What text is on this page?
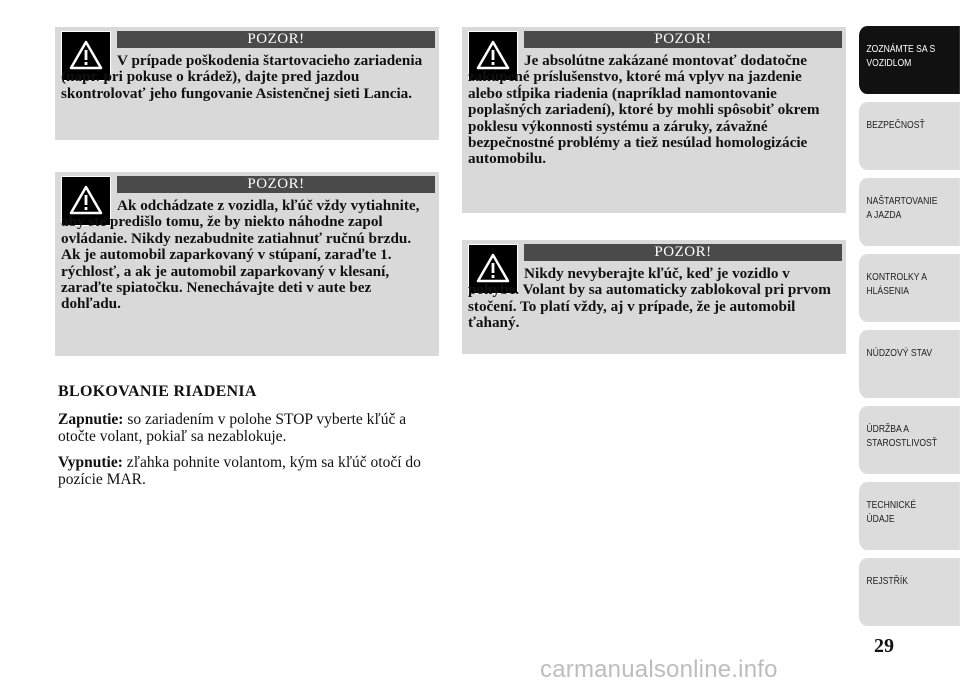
POZOR!

V prípade poškodenia štartovacieho zariadenia (napr. pri pokuse o krádež), dajte pred jazdou skontrolovať jeho fungovanie Asistenčnej sieti Lancia.

POZOR!

Ak odchádzate z vozidla, kľúč vždy vytiahnite, aby ste predišlo tomu, že by niekto náhodne zapol ovládanie. Nikdy nezabudnite zatiahnuť ručnú brzdu. Ak je automobil zaparkovaný v stúpaní, zaraďte 1. rýchlosť, a ak je automobil zaparkovaný v klesaní, zaraďte spiatočku. Nenechávajte deti v aute bez dohľadu.

POZOR!

Je absolútne zakázané montovať dodatočne zakúpené príslušenstvo, ktoré má vplyv na jazdenie alebo stĺpika riadenia (napríklad namontovanie poplašných zariadení), ktoré by mohli spôsobiť okrem poklesu výkonnosti systému a záruky, závažné bezpečnostné problémy a tiež nesúlad homologizácie automobilu.

POZOR!

Nikdy nevyberajte kľúč, keď je vozidlo v pohybe. Volant by sa automaticky zablokoval pri prvom stočení. To platí vždy, aj v prípade, že je automobil ťahaný.

BLOKOVANIE RIADENIA

Zapnutie: so zariadením v polohe STOP vyberte kľúč a otočte volant, pokiaľ sa nezablokuje.

Vypnutie: zľahka pohnite volantom, kým sa kľúč otočí do pozície MAR.

ZOZNÁMTE SA S
VOZIDLOM
BEZPEČNOSŤ
NAŠTARTOVANIE
A JAZDA
KONTROLKY A
HLÁSENIA
NÚDZOVÝ STAV
ÚDRŽBA A
STAROSTLIVOSŤ
TECHNICKÉ
ÚDAJE
REJSTŘÍK
29
carmanualsonline.info
